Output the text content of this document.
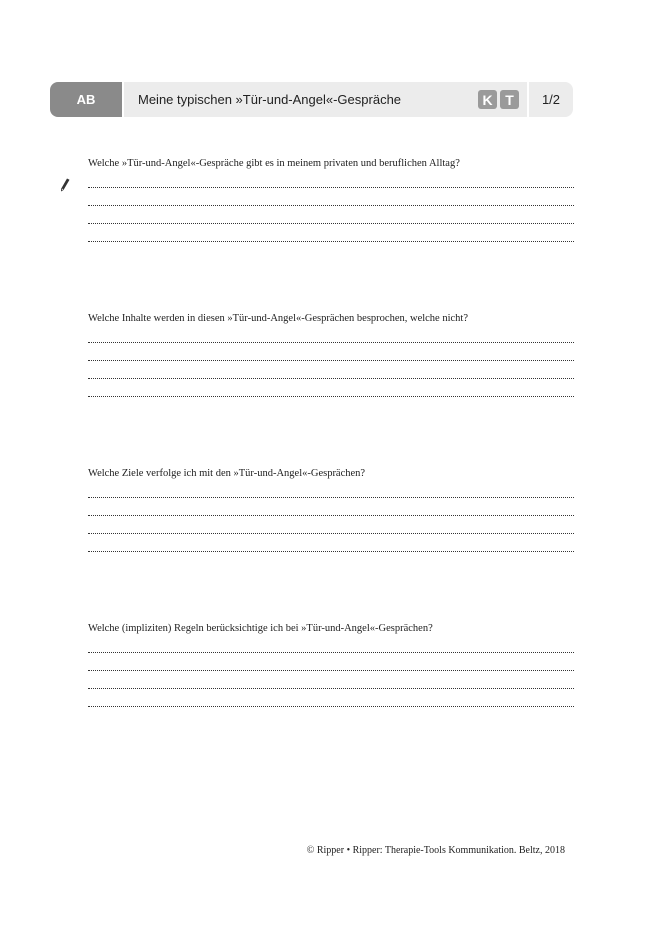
AB	Meine typischen »Tür-und-Angel«-Gespräche	K T	1/2
Welche »Tür-und-Angel«-Gespräche gibt es in meinem privaten und beruflichen Alltag?
Welche Inhalte werden in diesen »Tür-und-Angel«-Gesprächen besprochen, welche nicht?
Welche Ziele verfolge ich mit den »Tür-und-Angel«-Gesprächen?
Welche (impliziten) Regeln berücksichtige ich bei »Tür-und-Angel«-Gesprächen?
© Ripper • Ripper: Therapie-Tools Kommunikation. Beltz, 2018
